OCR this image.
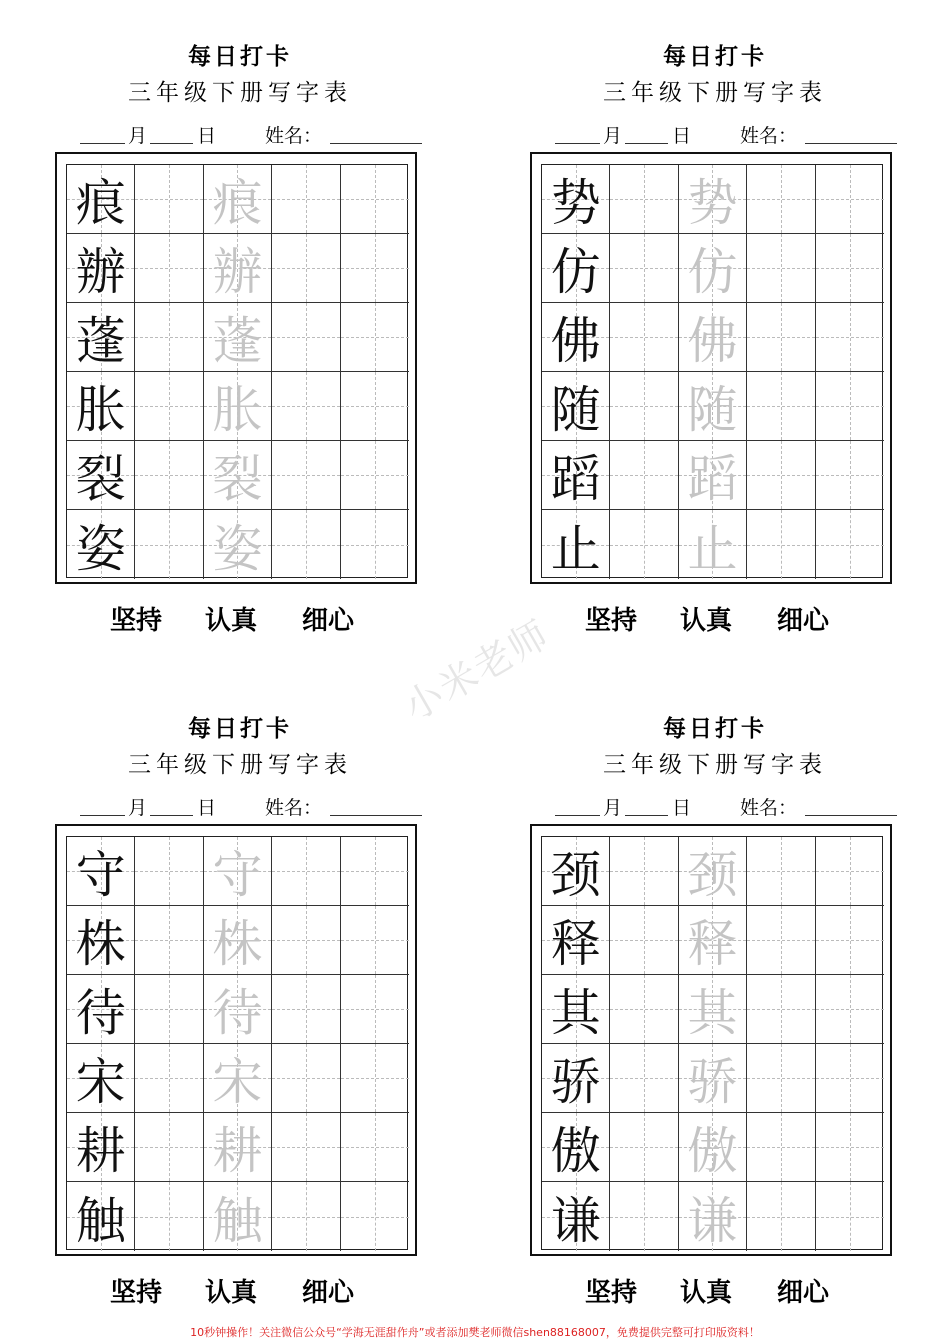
每日打卡
三年级下册写字表
月	日	姓名：
痕 痕
辦 辦
蓬 蓬
胀 胀
裂 裂
姿 姿
坚持 认真 细心
每日打卡
三年级下册写字表
月	日	姓名：
势 势
仿 仿
佛 佛
随 随
蹈 蹈
止 止
坚持 认真 细心
每日打卡
三年级下册写字表
月	日	姓名：
守 守
株 株
待 待
宋 宋
耕 耕
触 触
坚持 认真 细心
每日打卡
三年级下册写字表
月	日	姓名：
颈 颈
释 释
其 其
骄 骄
傲 傲
谦 谦
坚持 认真 细心
小米老师
10秒钟操作！关注微信公众号“学海无涯甜作舟”或者添加樊老师微信shen88168007，免费提供完整可打印版资料！
